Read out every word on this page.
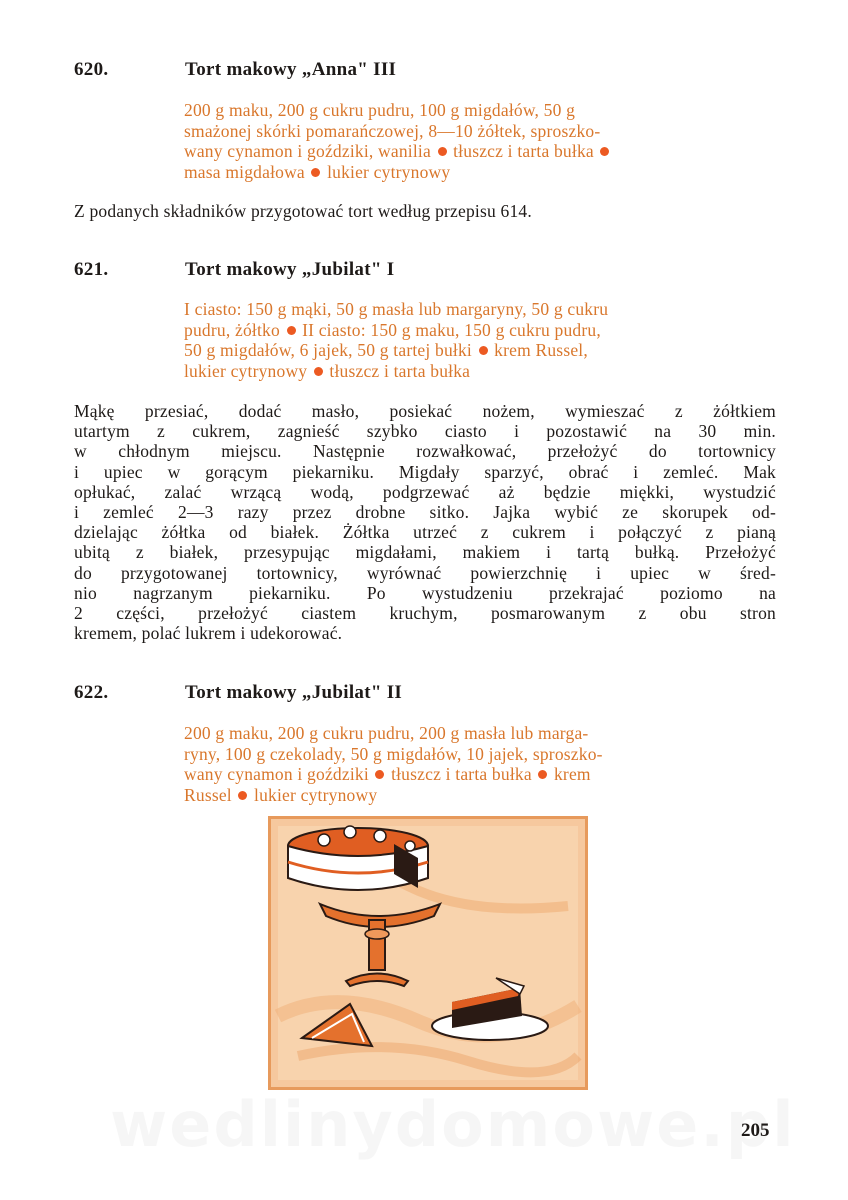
620.	Tort makowy „Anna" III
200 g maku, 200 g cukru pudru, 100 g migdałów, 50 g
smażonej skórki pomarańczowej, 8—10 żółtek, sproszko-
wany cynamon i goździki, wanilia tłuszcz i tarta bułka
masa migdałowa lukier cytrynowy
Z podanych składników przygotować tort według przepisu 614.
621.	Tort makowy „Jubilat" I
I ciasto: 150 g mąki, 50 g masła lub margaryny, 50 g cukru
pudru, żółtko II ciasto: 150 g maku, 150 g cukru pudru,
50 g migdałów, 6 jajek, 50 g tartej bułki krem Russel,
lukier cytrynowy tłuszcz i tarta bułka
Mąkę przesiać, dodać masło, posiekać nożem, wymieszać z żółtkiem
utartym z cukrem, zagnieść szybko ciasto i pozostawić na 30 min.
w chłodnym miejscu. Następnie rozwałkować, przełożyć do tortownicy
i upiec w gorącym piekarniku. Migdały sparzyć, obrać i zemleć. Mak
opłukać, zalać wrzącą wodą, podgrzewać aż będzie miękki, wystudzić
i zemleć 2—3 razy przez drobne sitko. Jajka wybić ze skorupek od-
dzielając żółtka od białek. Żółtka utrzeć z cukrem i połączyć z pianą
ubitą z białek, przesypując migdałami, makiem i tartą bułką. Przełożyć
do przygotowanej tortownicy, wyrównać powierzchnię i upiec w śred-
nio nagrzanym piekarniku. Po wystudzeniu przekrajać poziomo na
2 części, przełożyć ciastem kruchym, posmarowanym z obu stron
kremem, polać lukrem i udekorować.
622.	Tort makowy „Jubilat" II
200 g maku, 200 g cukru pudru, 200 g masła lub marga-
ryny, 100 g czekolady, 50 g migdałów, 10 jajek, sproszko-
wany cynamon i goździki tłuszcz i tarta bułka krem
Russel lukier cytrynowy
205
